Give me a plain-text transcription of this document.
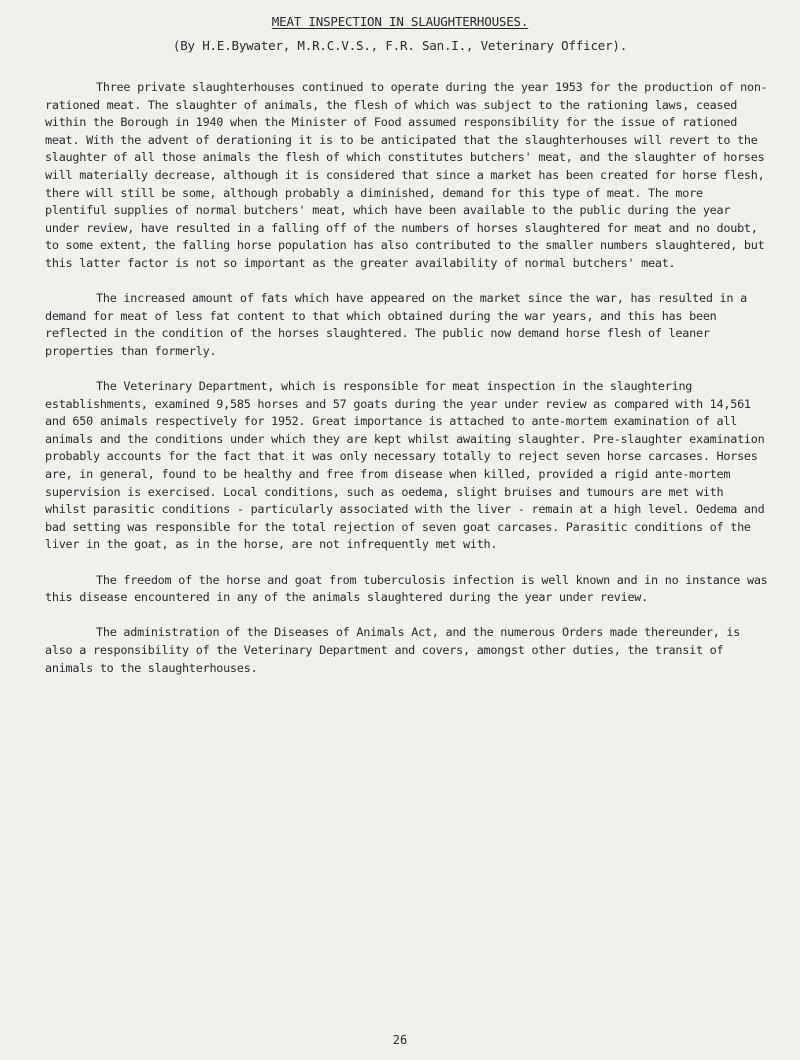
MEAT INSPECTION IN SLAUGHTERHOUSES.
(By H.E.Bywater, M.R.C.V.S., F.R. San.I., Veterinary Officer).

Three private slaughterhouses continued to operate during the year 1953 for the production of non-rationed meat. The slaughter of animals, the flesh of which was subject to the rationing laws, ceased within the Borough in 1940 when the Minister of Food assumed responsibility for the issue of rationed meat. With the advent of derationing it is to be anticipated that the slaughterhouses will revert to the slaughter of all those animals the flesh of which constitutes butchers' meat, and the slaughter of horses will materially decrease, although it is considered that since a market has been created for horse flesh, there will still be some, although probably a diminished, demand for this type of meat. The more plentiful supplies of normal butchers' meat, which have been available to the public during the year under review, have resulted in a falling off of the numbers of horses slaughtered for meat and no doubt, to some extent, the falling horse population has also contributed to the smaller numbers slaughtered, but this latter factor is not so important as the greater availability of normal butchers' meat.

The increased amount of fats which have appeared on the market since the war, has resulted in a demand for meat of less fat content to that which obtained during the war years, and this has been reflected in the condition of the horses slaughtered. The public now demand horse flesh of leaner properties than formerly.

The Veterinary Department, which is responsible for meat inspection in the slaughtering establishments, examined 9,585 horses and 57 goats during the year under review as compared with 14,561 and 650 animals respectively for 1952. Great importance is attached to ante-mortem examination of all animals and the conditions under which they are kept whilst awaiting slaughter. Pre-slaughter examination probably accounts for the fact that it was only necessary totally to reject seven horse carcases. Horses are, in general, found to be healthy and free from disease when killed, provided a rigid ante-mortem supervision is exercised. Local conditions, such as oedema, slight bruises and tumours are met with whilst parasitic conditions - particularly associated with the liver - remain at a high level. Oedema and bad setting was responsible for the total rejection of seven goat carcases. Parasitic conditions of the liver in the goat, as in the horse, are not infrequently met with.

The freedom of the horse and goat from tuberculosis infection is well known and in no instance was this disease encountered in any of the animals slaughtered during the year under review.

The administration of the Diseases of Animals Act, and the numerous Orders made thereunder, is also a responsibility of the Veterinary Department and covers, amongst other duties, the transit of animals to the slaughterhouses.

26
